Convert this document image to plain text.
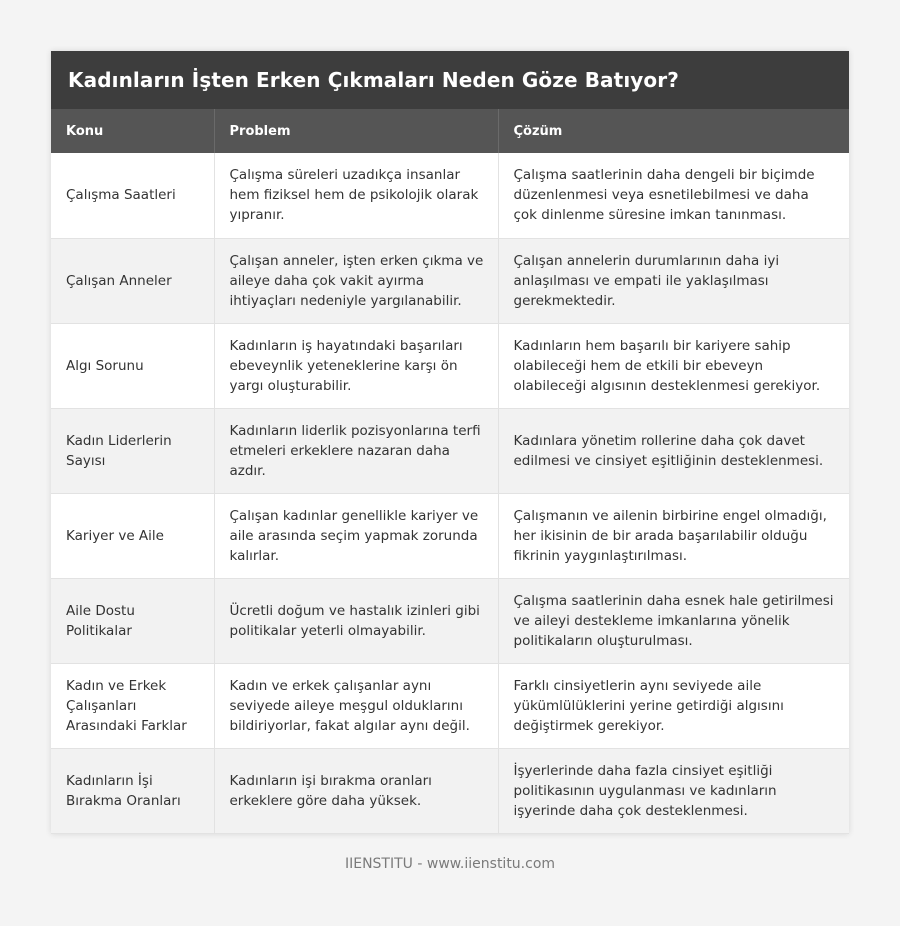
Kadınların İşten Erken Çıkmaları Neden Göze Batıyor?
Konu	Problem	Çözüm
Çalışma Saatleri	Çalışma süreleri uzadıkça insanlar hem fiziksel hem de psikolojik olarak yıpranır.	Çalışma saatlerinin daha dengeli bir biçimde düzenlenmesi veya esnetilebilmesi ve daha çok dinlenme süresine imkan tanınması.
Çalışan Anneler	Çalışan anneler, işten erken çıkma ve aileye daha çok vakit ayırma ihtiyaçları nedeniyle yargılanabilir.	Çalışan annelerin durumlarının daha iyi anlaşılması ve empati ile yaklaşılması gerekmektedir.
Algı Sorunu	Kadınların iş hayatındaki başarıları ebeveynlik yeteneklerine karşı ön yargı oluşturabilir.	Kadınların hem başarılı bir kariyere sahip olabileceği hem de etkili bir ebeveyn olabileceği algısının desteklenmesi gerekiyor.
Kadın Liderlerin Sayısı	Kadınların liderlik pozisyonlarına terfi etmeleri erkeklere nazaran daha azdır.	Kadınlara yönetim rollerine daha çok davet edilmesi ve cinsiyet eşitliğinin desteklenmesi.
Kariyer ve Aile	Çalışan kadınlar genellikle kariyer ve aile arasında seçim yapmak zorunda kalırlar.	Çalışmanın ve ailenin birbirine engel olmadığı, her ikisinin de bir arada başarılabilir olduğu fikrinin yaygınlaştırılması.
Aile Dostu Politikalar	Ücretli doğum ve hastalık izinleri gibi politikalar yeterli olmayabilir.	Çalışma saatlerinin daha esnek hale getirilmesi ve aileyi destekleme imkanlarına yönelik politikaların oluşturulması.
Kadın ve Erkek Çalışanları Arasındaki Farklar	Kadın ve erkek çalışanlar aynı seviyede aileye meşgul olduklarını bildiriyorlar, fakat algılar aynı değil.	Farklı cinsiyetlerin aynı seviyede aile yükümlülüklerini yerine getirdiği algısını değiştirmek gerekiyor.
Kadınların İşi Bırakma Oranları	Kadınların işi bırakma oranları erkeklere göre daha yüksek.	İşyerlerinde daha fazla cinsiyet eşitliği politikasının uygulanması ve kadınların işyerinde daha çok desteklenmesi.
IIENSTITU - www.iienstitu.com
